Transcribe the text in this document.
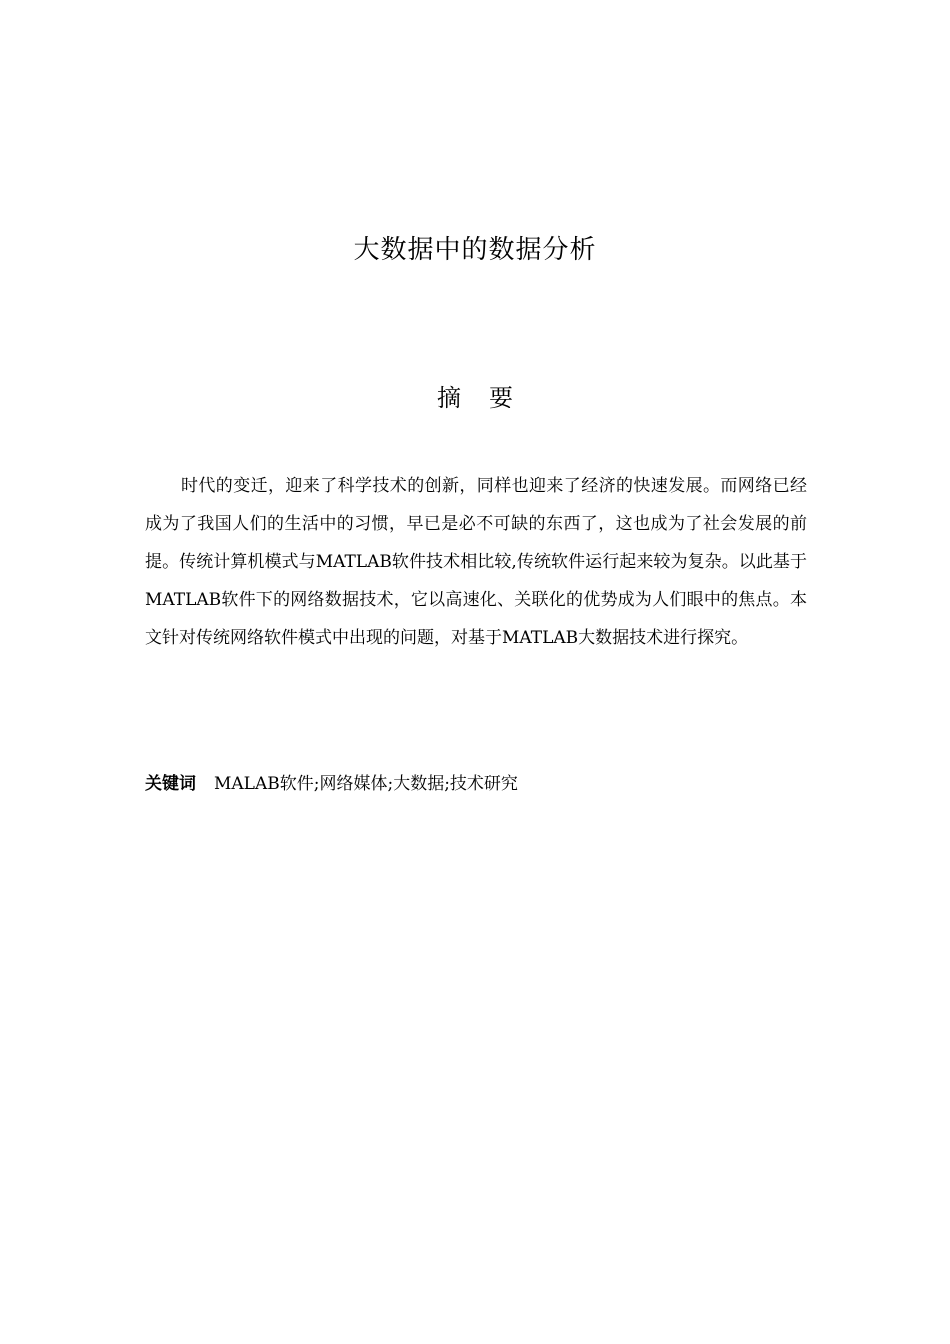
大数据中的数据分析
摘要
时代的变迁，迎来了科学技术的创新，同样也迎来了经济的快速发展。而网络已经成为了我国人们的生活中的习惯，早已是必不可缺的东西了，这也成为了社会发展的前提。传统计算机模式与MATLAB软件技术相比较,传统软件运行起来较为复杂。以此基于MATLAB软件下的网络数据技术，它以高速化、关联化的优势成为人们眼中的焦点。本文针对传统网络软件模式中出现的问题，对基于MATLAB大数据技术进行探究。
关键词 MALAB软件;网络媒体;大数据;技术研究
